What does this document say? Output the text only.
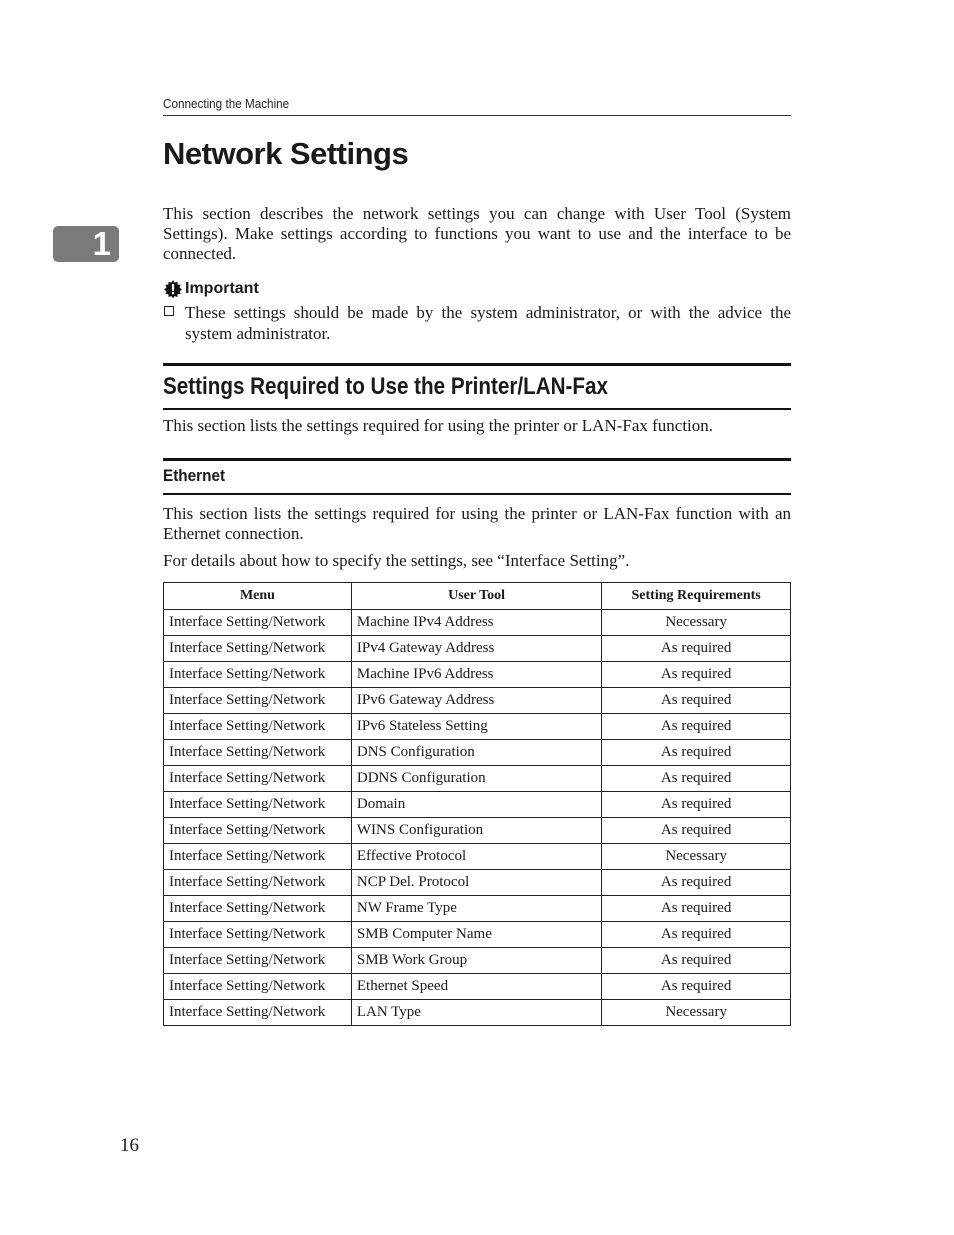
Connecting the Machine
1
Network Settings

This section describes the network settings you can change with User Tool (System Settings). Make settings according to functions you want to use and the interface to be connected.

Important
These settings should be made by the system administrator, or with the advice the system administrator.
Settings Required to Use the Printer/LAN-Fax

This section lists the settings required for using the printer or LAN-Fax function.

Ethernet

This section lists the settings required for using the printer or LAN-Fax function with an Ethernet connection.

For details about how to specify the settings, see “Interface Setting”.

Menu	User Tool	Setting Requirements
Interface Setting/Network	Machine IPv4 Address	Necessary
Interface Setting/Network	IPv4 Gateway Address	As required
Interface Setting/Network	Machine IPv6 Address	As required
Interface Setting/Network	IPv6 Gateway Address	As required
Interface Setting/Network	IPv6 Stateless Setting	As required
Interface Setting/Network	DNS Configuration	As required
Interface Setting/Network	DDNS Configuration	As required
Interface Setting/Network	Domain	As required
Interface Setting/Network	WINS Configuration	As required
Interface Setting/Network	Effective Protocol	Necessary
Interface Setting/Network	NCP Del. Protocol	As required
Interface Setting/Network	NW Frame Type	As required
Interface Setting/Network	SMB Computer Name	As required
Interface Setting/Network	SMB Work Group	As required
Interface Setting/Network	Ethernet Speed	As required
Interface Setting/Network	LAN Type	Necessary
16
